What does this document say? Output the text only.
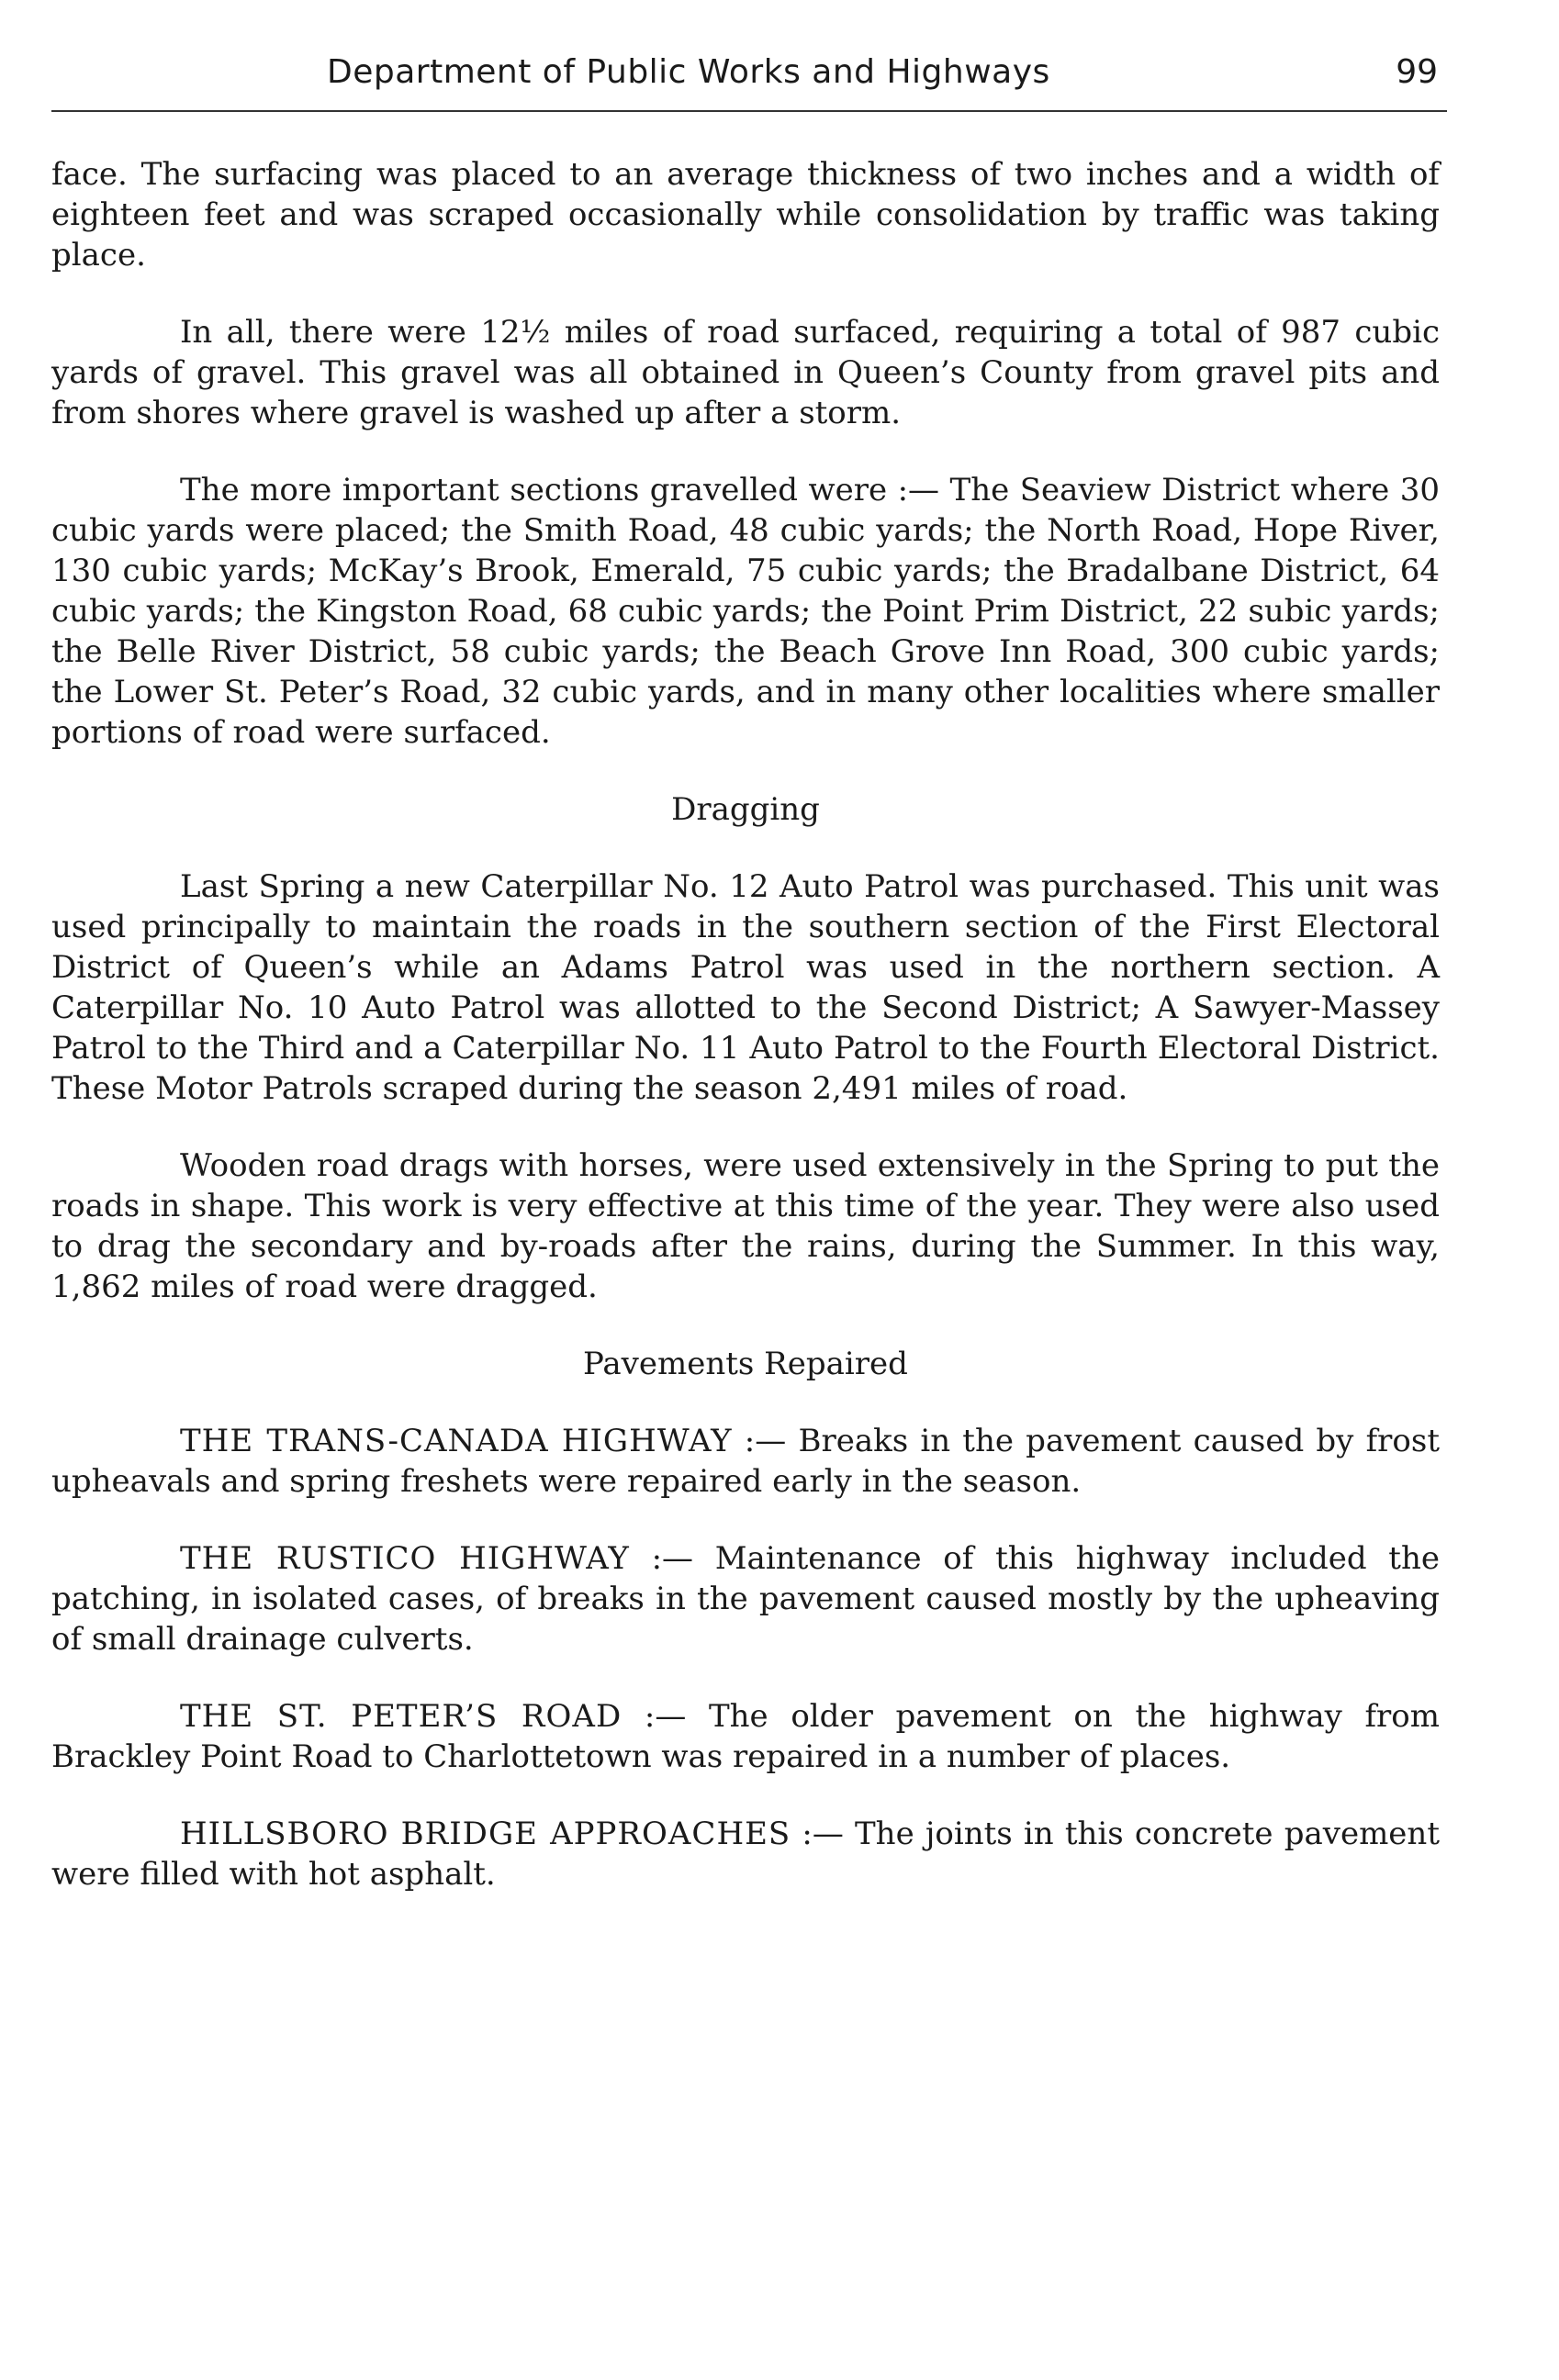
Department of Public Works and Highways	99

face. The surfacing was placed to an average thickness of two inches and a width of eighteen feet and was scraped occasionally while consolidation by traffic was taking place.

In all, there were 12½ miles of road surfaced, requiring a total of 987 cubic yards of gravel. This gravel was all obtained in Queen’s County from gravel pits and from shores where gravel is washed up after a storm.

The more important sections gravelled were :— The Seaview District where 30 cubic yards were placed; the Smith Road, 48 cubic yards; the North Road, Hope River, 130 cubic yards; McKay’s Brook, Emerald, 75 cubic yards; the Bradalbane District, 64 cubic yards; the Kingston Road, 68 cubic yards; the Point Prim District, 22 subic yards; the Belle River District, 58 cubic yards; the Beach Grove Inn Road, 300 cubic yards; the Lower St. Peter’s Road, 32 cubic yards, and in many other localities where smaller portions of road were surfaced.

Dragging

Last Spring a new Caterpillar No. 12 Auto Patrol was purchased. This unit was used principally to maintain the roads in the southern section of the First Electoral District of Queen’s while an Adams Patrol was used in the northern section. A Caterpillar No. 10 Auto Patrol was allotted to the Second District; A Sawyer-Massey Patrol to the Third and a Caterpillar No. 11 Auto Patrol to the Fourth Electoral District. These Motor Patrols scraped during the season 2,491 miles of road.

Wooden road drags with horses, were used extensively in the Spring to put the roads in shape. This work is very effective at this time of the year. They were also used to drag the secondary and by-roads after the rains, during the Summer. In this way, 1,862 miles of road were dragged.

Pavements Repaired

THE TRANS-CANADA HIGHWAY :— Breaks in the pavement caused by frost upheavals and spring freshets were repaired early in the season.

THE RUSTICO HIGHWAY :— Maintenance of this highway included the patching, in isolated cases, of breaks in the pavement caused mostly by the upheaving of small drainage culverts.

THE ST. PETER’S ROAD :— The older pavement on the highway from Brackley Point Road to Charlottetown was repaired in a number of places.

HILLSBORO BRIDGE APPROACHES :— The joints in this concrete pavement were filled with hot asphalt.
